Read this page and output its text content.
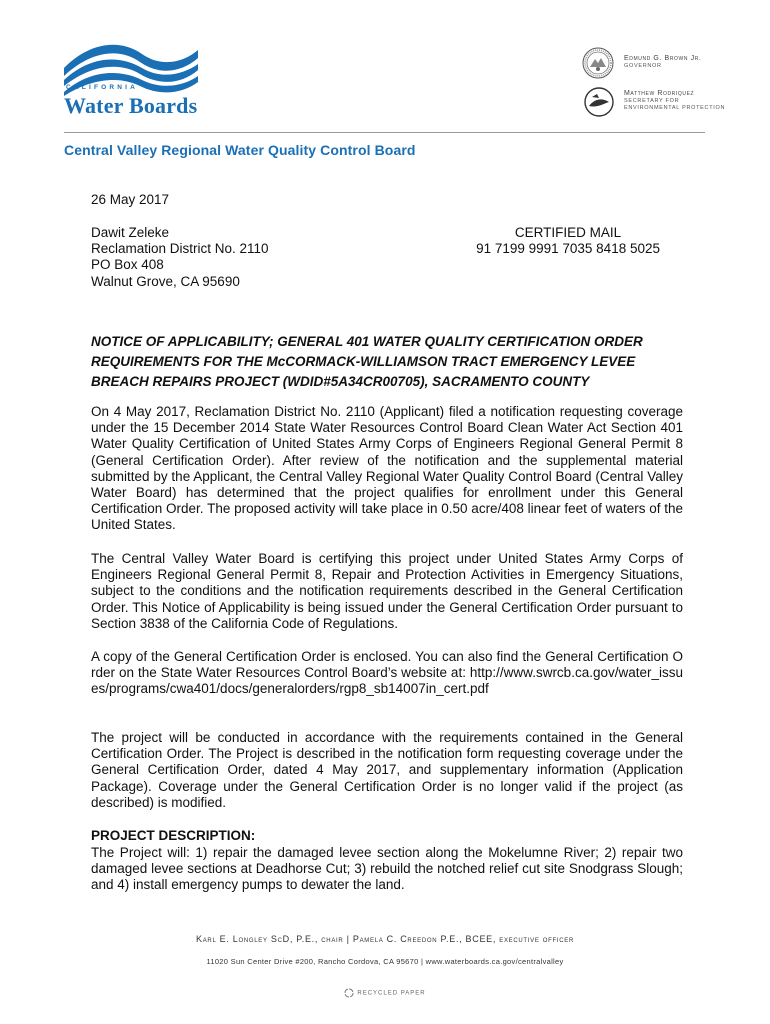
CALIFORNIA
Water Boards
Edmund G. Brown Jr.
GOVERNOR
Matthew Rodriquez
SECRETARY FOR
ENVIRONMENTAL PROTECTION
Central Valley Regional Water Quality Control Board
26 May 2017
Dawit Zeleke
Reclamation District No. 2110
PO Box 408
Walnut Grove, CA 95690
CERTIFIED MAIL
91 7199 9991 7035 8418 5025
NOTICE OF APPLICABILITY; GENERAL 401 WATER QUALITY CERTIFICATION ORDER REQUIREMENTS FOR THE McCORMACK-WILLIAMSON TRACT EMERGENCY LEVEE BREACH REPAIRS PROJECT (WDID#5A34CR00705), SACRAMENTO COUNTY
On 4 May 2017, Reclamation District No. 2110 (Applicant) filed a notification requesting coverage under the 15 December 2014 State Water Resources Control Board Clean Water Act Section 401 Water Quality Certification of United States Army Corps of Engineers Regional General Permit 8 (General Certification Order). After review of the notification and the supplemental material submitted by the Applicant, the Central Valley Regional Water Quality Control Board (Central Valley Water Board) has determined that the project qualifies for enrollment under this General Certification Order. The proposed activity will take place in 0.50 acre/408 linear feet of waters of the United States.
The Central Valley Water Board is certifying this project under United States Army Corps of Engineers Regional General Permit 8, Repair and Protection Activities in Emergency Situations, subject to the conditions and the notification requirements described in the General Certification Order. This Notice of Applicability is being issued under the General Certification Order pursuant to Section 3838 of the California Code of Regulations.
A copy of the General Certification Order is enclosed. You can also find the General Certification Order on the State Water Resources Control Board’s website at: http://www.swrcb.ca.gov/water_issues/programs/cwa401/docs/generalorders/rgp8_sb14007in_cert.pdf
The project will be conducted in accordance with the requirements contained in the General Certification Order. The Project is described in the notification form requesting coverage under the General Certification Order, dated 4 May 2017, and supplementary information (Application Package). Coverage under the General Certification Order is no longer valid if the project (as described) is modified.
PROJECT DESCRIPTION:
The Project will: 1) repair the damaged levee section along the Mokelumne River; 2) repair two damaged levee sections at Deadhorse Cut; 3) rebuild the notched relief cut site Snodgrass Slough; and 4) install emergency pumps to dewater the land.
Karl E. Longley ScD, P.E., chair | Pamela C. Creedon P.E., BCEE, executive officer
11020 Sun Center Drive #200, Rancho Cordova, CA 95670 | www.waterboards.ca.gov/centralvalley
RECYCLED PAPER
